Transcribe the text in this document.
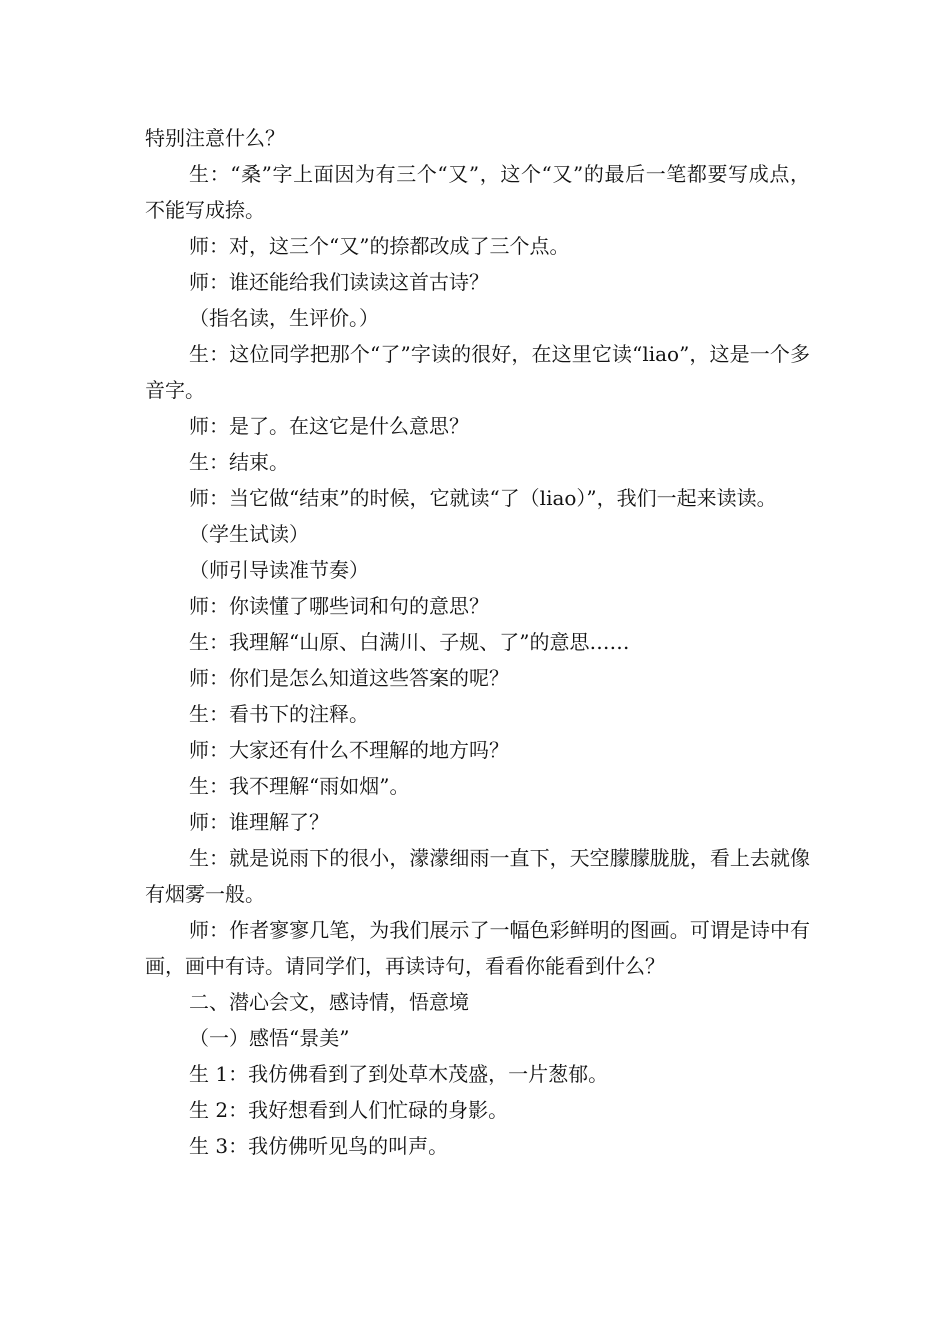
特别注意什么？

生：“桑”字上面因为有三个“又”，这个“又”的最后一笔都要写成点，不能写成捺。

师：对，这三个“又”的捺都改成了三个点。

师：谁还能给我们读读这首古诗？

（指名读，生评价。）

生：这位同学把那个“了”字读的很好，在这里它读“liao”，这是一个多音字。

师：是了。在这它是什么意思？

生：结束。

师：当它做“结束”的时候，它就读“了（liao）”，我们一起来读读。

（学生试读）

（师引导读准节奏）

师：你读懂了哪些词和句的意思？

生：我理解“山原、白满川、子规、了”的意思……

师：你们是怎么知道这些答案的呢？

生：看书下的注释。

师：大家还有什么不理解的地方吗？

生：我不理解“雨如烟”。

师：谁理解了？

生：就是说雨下的很小，濛濛细雨一直下，天空朦朦胧胧，看上去就像有烟雾一般。

师：作者寥寥几笔，为我们展示了一幅色彩鲜明的图画。可谓是诗中有画，画中有诗。请同学们，再读诗句，看看你能看到什么？

二、潜心会文，感诗情，悟意境

（一）感悟“景美”

生 1：我仿佛看到了到处草木茂盛，一片葱郁。

生 2：我好想看到人们忙碌的身影。

生 3：我仿佛听见鸟的叫声。
